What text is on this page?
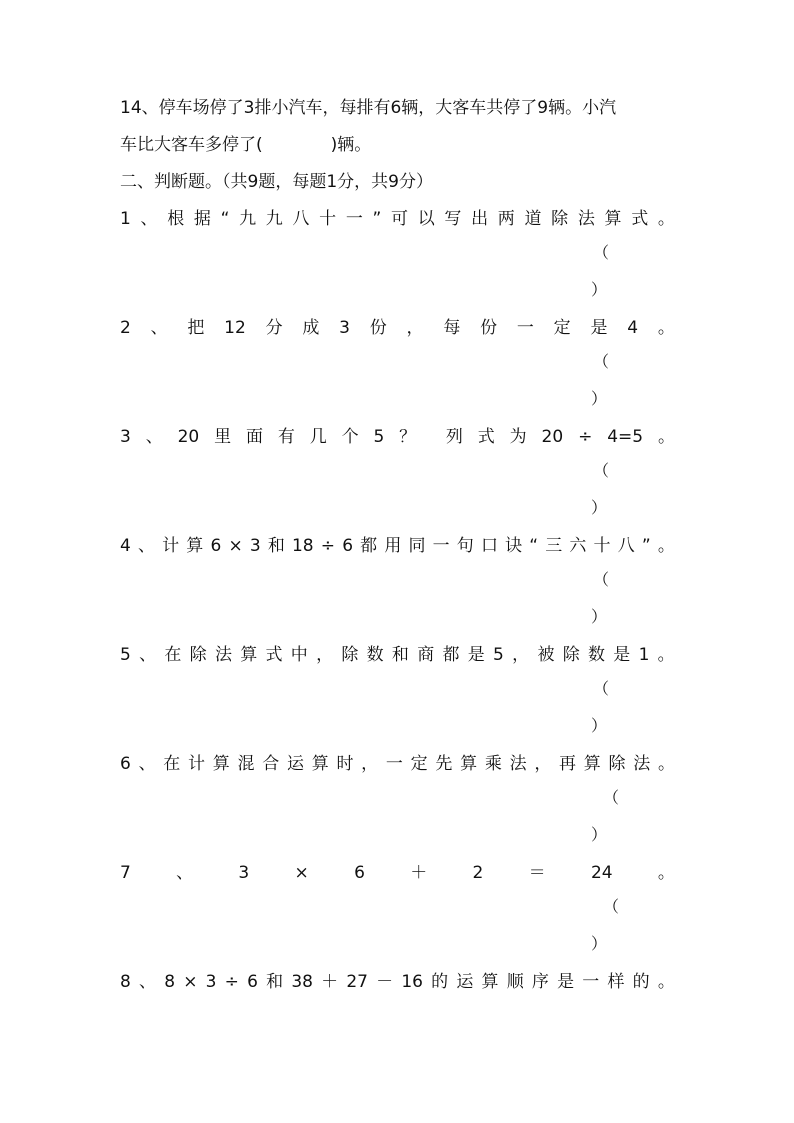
14、停车场停了3排小汽车，每排有6辆，大客车共停了9辆。小汽
车比大客车多停了(	)辆。
二、判断题。（共9题，每题1分，共9分）
1 、 根 据 “ 九 九 八 十 一 ” 可 以 写 出 两 道 除 法 算 式 。
（
）
2 、 把 12 分 成 3 份 ， 每 份 一 定 是 4 。
（
）
3 、 20 里 面 有 几 个 5 ？ 列 式 为 20 ÷ 4=5 。
（
）
4 、 计 算 6 × 3 和 18 ÷ 6 都 用 同 一 句 口 诀 “ 三 六 十 八 ” 。
（
）
5 、 在 除 法 算 式 中 ， 除 数 和 商 都 是 5 ， 被 除 数 是 1 。
（
）
6 、 在 计 算 混 合 运 算 时 ， 一 定 先 算 乘 法 ， 再 算 除 法 。
（
）
7	、	3	×	6	＋	2	＝	24	。
（
）
8 、 8 × 3 ÷ 6 和 38 ＋ 27 － 16 的 运 算 顺 序 是 一 样 的 。
